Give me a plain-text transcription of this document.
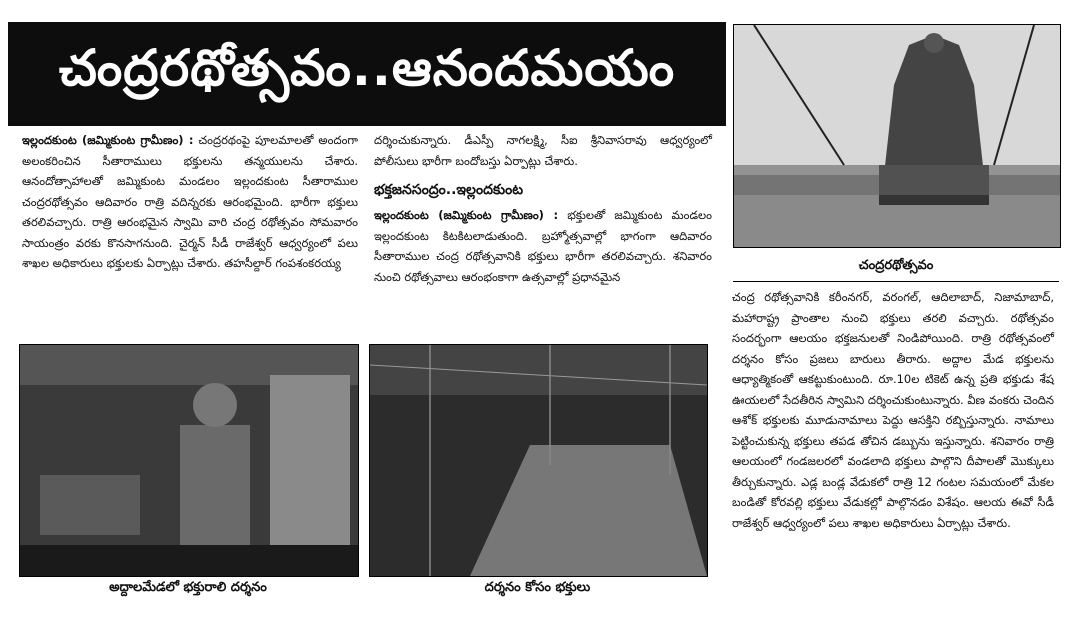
చంద్రరథోత్సవం..ఆనందమయం
చంద్రరథోత్సవం

ఇల్లందకుంట (జమ్మికుంట గ్రామీణం) : చంద్రరథంపై పూలమాలతో అందంగా అలంకరించిన సీతారాములు భక్తులను తన్మయులను చేశారు. ఆనందోత్సాహాలతో జమ్మికుంట మండలం ఇల్లందకుంట సీతారాముల చంద్రరథోత్సవం ఆదివారం రాత్రి వదిన్నరకు ఆరంభమైంది. భారీగా భక్తులు తరలివచ్చారు. రాత్రి ఆరంభమైన స్వామి వారి చంద్ర రథోత్సవం సోమవారం సాయంత్రం వరకు కొనసాగనుంది. చైర్మన్ సీడీ రాజేశ్వర్ ఆధ్వర్యంలో పలు శాఖల అధికారులు భక్తులకు ఏర్పాట్లు చేశారు. తహసీల్దార్ గంపశంకరయ్య

దర్శించుకున్నారు. డీఎస్పీ నాగలక్ష్మి, సీఐ శ్రీనివాసరావు ఆధ్వర్యంలో పోలీసులు భారీగా బందోబస్తు ఏర్పాట్లు చేశారు.

భక్తజనసంద్రం..ఇల్లందకుంట

ఇల్లందకుంట (జమ్మికుంట గ్రామీణం) : భక్తులతో జమ్మికుంట మండలం ఇల్లందకుంట కిటకిటలాడుతుంది. బ్రహ్మోత్సవాల్లో భాగంగా ఆదివారం సీతారాముల చంద్ర రథోత్సవానికి భక్తులు భారీగా తరలివచ్చారు. శనివారం నుంచి రథోత్సవాలు ఆరంభంకాగా ఉత్సవాల్లో ప్రధానమైన

అద్దాలమేడలో భక్తురాలి దర్శనం	దర్శనం కోసం భక్తులు

చంద్ర రథోత్సవానికి కరీంనగర్, వరంగల్, ఆదిలాబాద్, నిజామాబాద్, మహారాష్ట్ర ప్రాంతాల నుంచి భక్తులు తరలి వచ్చారు. రథోత్సవం సందర్భంగా ఆలయం భక్తజనులతో నిండిపోయింది. రాత్రి రథోత్సవంలో దర్శనం కోసం ప్రజలు బారులు తీరారు. అద్దాల మేడ భక్తులను ఆధ్యాత్మికంతో ఆకట్టుకుంటుంది. రూ.10ల టికెట్ ఉన్న ప్రతి భక్తుడు శేష ఊయలలో సేదతీరిన స్వామిని దర్శించుకుంటున్నారు. వీణ వంకరు చెందిన ఆశోక్ భక్తులకు మూడునామాలు పెద్దు ఆసక్తిని రబ్బిస్తున్నారు. నామాలు పెట్టించుకున్న భక్తులు తపడ తోచిన డబ్బును ఇస్తున్నారు. శనివారం రాత్రి ఆలయంలో గండజలరలో వండలాది భక్తులు పాల్గొని దీపాలతో మొక్కులు తీర్చుకున్నారు. ఎడ్ల బండ్ల వేడుకలో రాత్రి 12 గంటల సమయంలో మేకల బండితో కోరవల్లి భక్తులు వేడుకల్లో పాల్గొనడం విశేషం. ఆలయ ఈవో సీడీ రాజేశ్వర్ ఆధ్వర్యంలో పలు శాఖల అధికారులు ఏర్పాట్లు చేశారు.
